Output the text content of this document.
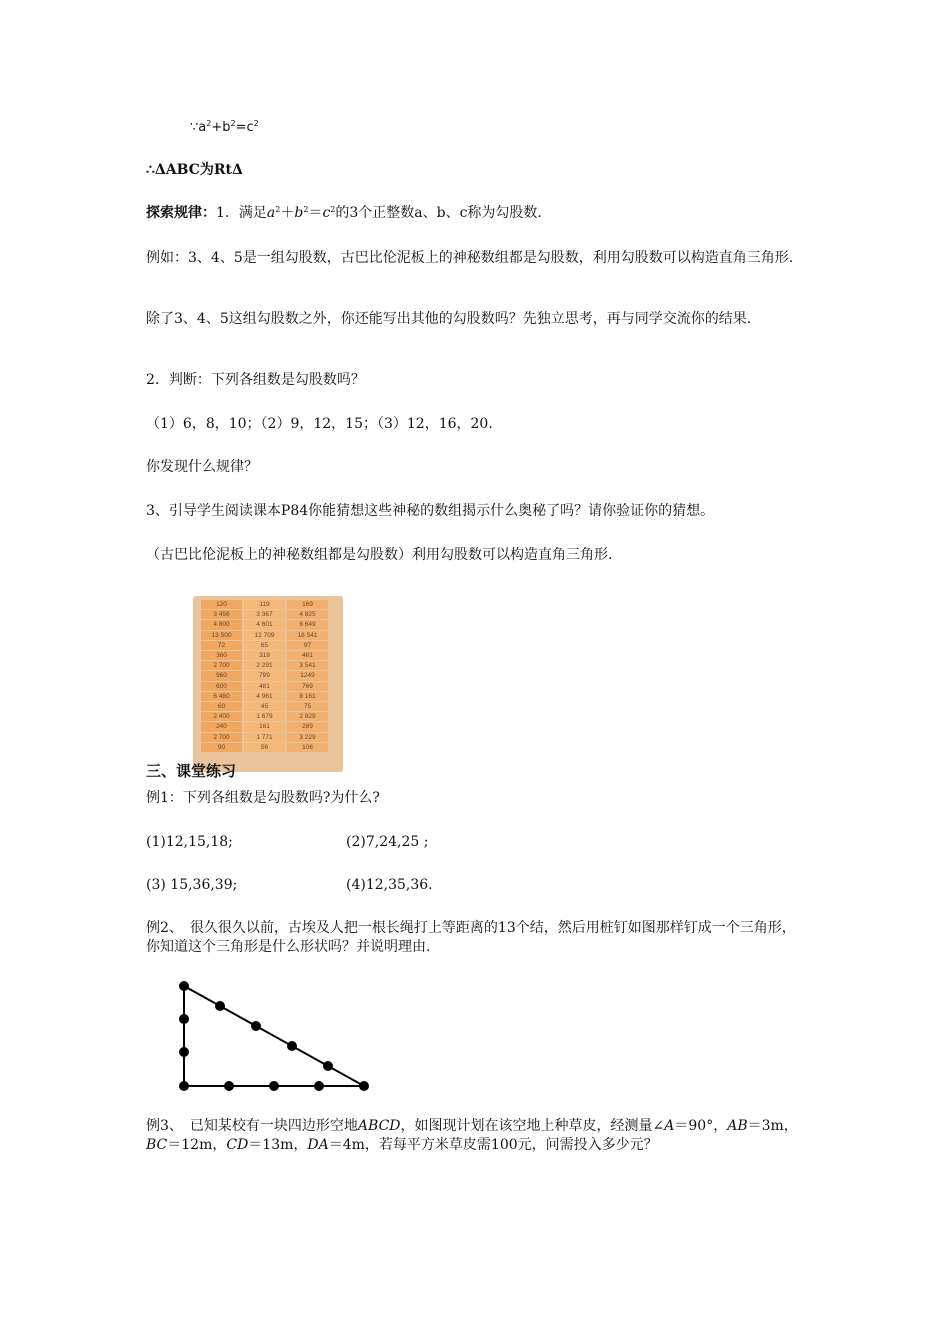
$\because a^2+b^2=c^2$
∴ΔABC为RtΔ
探索规律：1．满足$a^2+b^2=c^2$的3个正整数a、b、c称为勾股数.
例如：3、4、5是一组勾股数，古巴比伦泥板上的神秘数组都是勾股数，利用勾股数可以构造直角三角形.
除了3、4、5这组勾股数之外，你还能写出其他的勾股数吗？先独立思考，再与同学交流你的结果.
2．判断：下列各组数是勾股数吗？
（1）6，8，10；（2）9，12，15；（3）12，16，20.
你发现什么规律？
3、引导学生阅读课本P84你能猜想这些神秘的数组揭示什么奥秘了吗？请你验证你的猜想。
（古巴比伦泥板上的神秘数组都是勾股数）利用勾股数可以构造直角三角形.
120	119	169
3 456	3 367	4 825
4 800	4 601	6 649
13 500	12 709	18 541
72	65	97
360	319	481
2 700	2 291	3 541
960	799	1249
600	481	769
6 480	4 961	8 161
60	45	75
2 400	1 679	2 929
240	161	289
2 700	1 771	3 229
90	56	106
三、课堂练习
例1：下列各组数是勾股数吗?为什么?
(1)12,15,18;	(2)7,24,25 ;
(3) 15,36,39;	(4)12,35,36.
例2、　很久很久以前，古埃及人把一根长绳打上等距离的13个结，然后用桩钉如图那样钉成一个三角形，你知道这个三角形是什么形状吗？并说明理由.
例3、　已知某校有一块四边形空地ABCD，如图现计划在该空地上种草皮，经测量∠A＝90°，AB＝3m，BC＝12m，CD＝13m，DA＝4m，若每平方米草皮需100元，问需投入多少元？
